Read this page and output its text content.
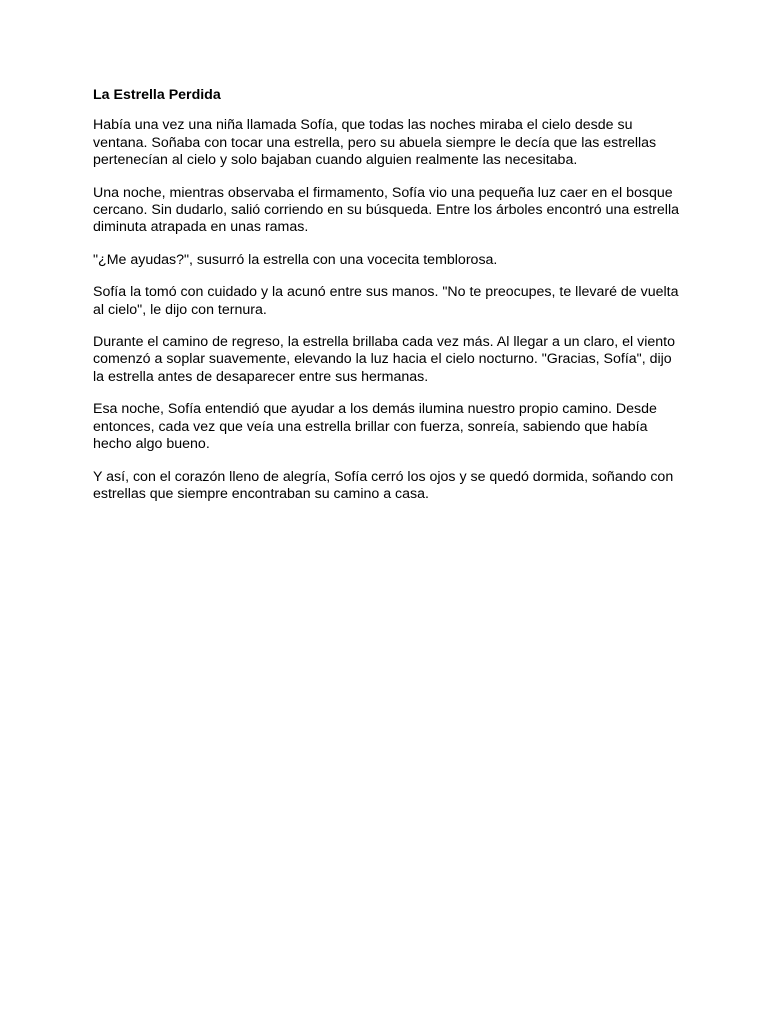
La Estrella Perdida

Había una vez una niña llamada Sofía, que todas las noches miraba el cielo desde su ventana. Soñaba con tocar una estrella, pero su abuela siempre le decía que las estrellas pertenecían al cielo y solo bajaban cuando alguien realmente las necesitaba.

Una noche, mientras observaba el firmamento, Sofía vio una pequeña luz caer en el bosque cercano. Sin dudarlo, salió corriendo en su búsqueda. Entre los árboles encontró una estrella diminuta atrapada en unas ramas.

"¿Me ayudas?", susurró la estrella con una vocecita temblorosa.

Sofía la tomó con cuidado y la acunó entre sus manos. "No te preocupes, te llevaré de vuelta al cielo", le dijo con ternura.

Durante el camino de regreso, la estrella brillaba cada vez más. Al llegar a un claro, el viento comenzó a soplar suavemente, elevando la luz hacia el cielo nocturno. "Gracias, Sofía", dijo la estrella antes de desaparecer entre sus hermanas.

Esa noche, Sofía entendió que ayudar a los demás ilumina nuestro propio camino. Desde entonces, cada vez que veía una estrella brillar con fuerza, sonreía, sabiendo que había hecho algo bueno.

Y así, con el corazón lleno de alegría, Sofía cerró los ojos y se quedó dormida, soñando con estrellas que siempre encontraban su camino a casa.
